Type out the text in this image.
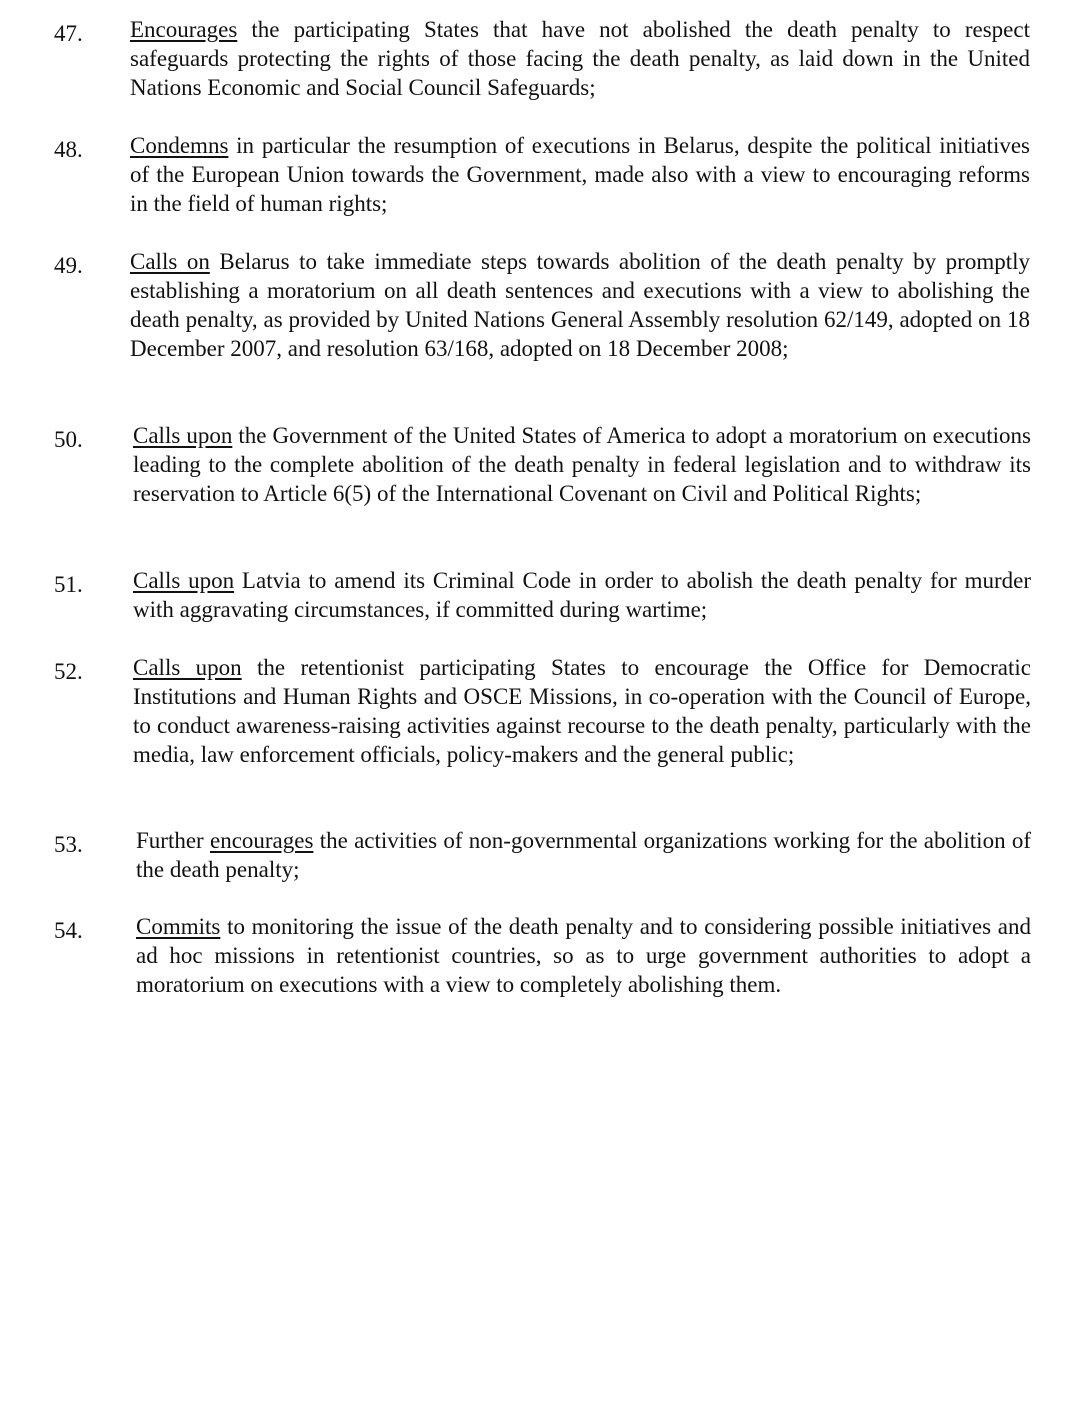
47. Encourages the participating States that have not abolished the death penalty to respect safeguards protecting the rights of those facing the death penalty, as laid down in the United Nations Economic and Social Council Safeguards;
48. Condemns in particular the resumption of executions in Belarus, despite the political initiatives of the European Union towards the Government, made also with a view to encouraging reforms in the field of human rights;
49. Calls on Belarus to take immediate steps towards abolition of the death penalty by promptly establishing a moratorium on all death sentences and executions with a view to abolishing the death penalty, as provided by United Nations General Assembly resolution 62/149, adopted on 18 December 2007, and resolution 63/168, adopted on 18 December 2008;
50. Calls upon the Government of the United States of America to adopt a moratorium on executions leading to the complete abolition of the death penalty in federal legislation and to withdraw its reservation to Article 6(5) of the International Covenant on Civil and Political Rights;
51. Calls upon Latvia to amend its Criminal Code in order to abolish the death penalty for murder with aggravating circumstances, if committed during wartime;
52. Calls upon the retentionist participating States to encourage the Office for Democratic Institutions and Human Rights and OSCE Missions, in co-operation with the Council of Europe, to conduct awareness-raising activities against recourse to the death penalty, particularly with the media, law enforcement officials, policy-makers and the general public;
53. Further encourages the activities of non-governmental organizations working for the abolition of the death penalty;
54. Commits to monitoring the issue of the death penalty and to considering possible initiatives and ad hoc missions in retentionist countries, so as to urge government authorities to adopt a moratorium on executions with a view to completely abolishing them.
